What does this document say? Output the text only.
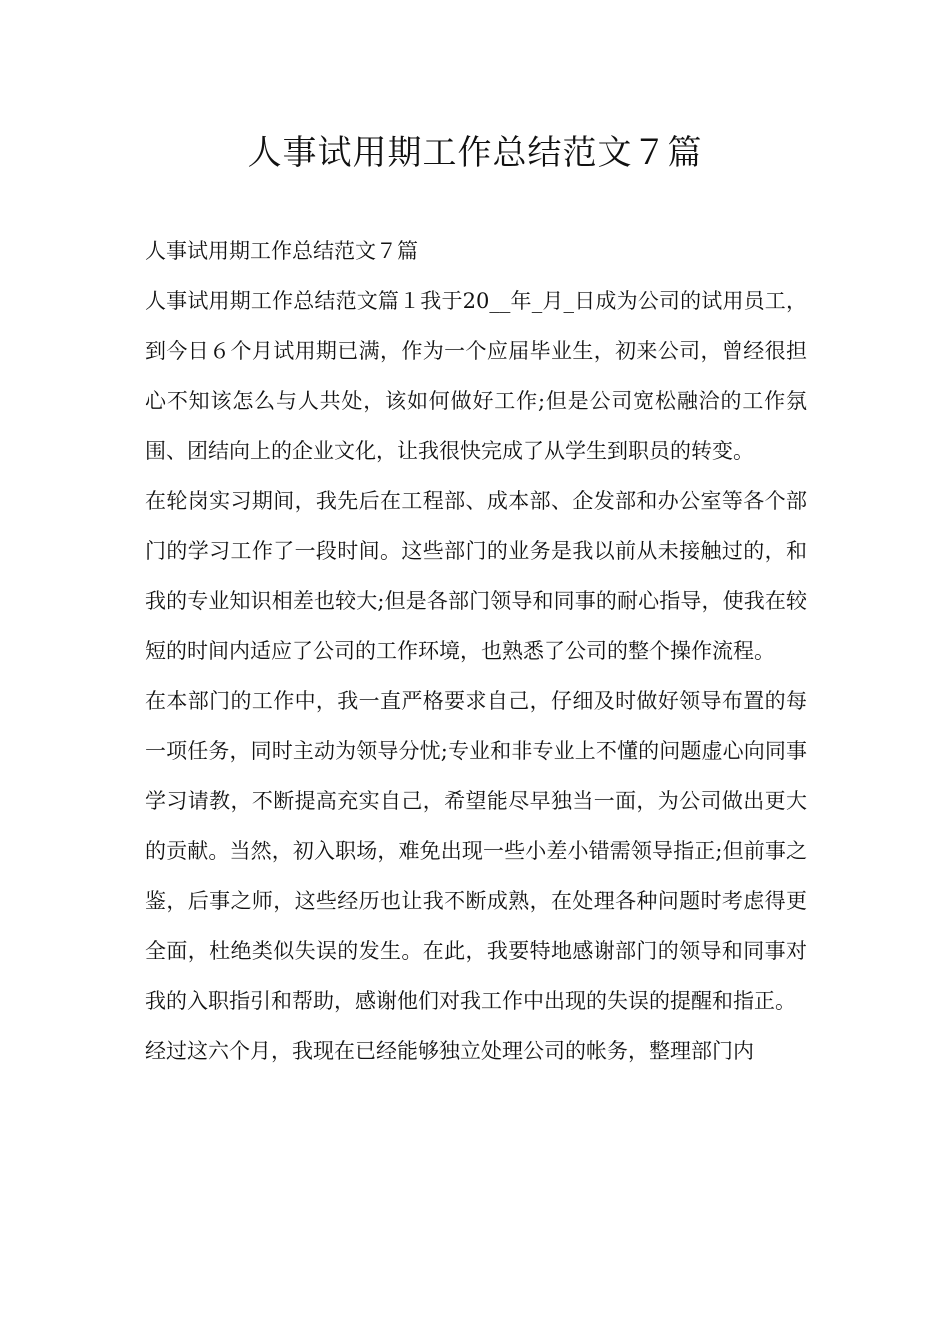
人事试用期工作总结范文７篇

人事试用期工作总结范文７篇

人事试用期工作总结范文篇１我于20__年_月_日成为公司的试用员工，到今日６个月试用期已满，作为一个应届毕业生，初来公司，曾经很担心不知该怎么与人共处，该如何做好工作;但是公司宽松融洽的工作氛围、团结向上的企业文化，让我很快完成了从学生到职员的转变。

在轮岗实习期间，我先后在工程部、成本部、企发部和办公室等各个部门的学习工作了一段时间。这些部门的业务是我以前从未接触过的，和我的专业知识相差也较大;但是各部门领导和同事的耐心指导，使我在较短的时间内适应了公司的工作环境，也熟悉了公司的整个操作流程。

在本部门的工作中，我一直严格要求自己，仔细及时做好领导布置的每一项任务，同时主动为领导分忧;专业和非专业上不懂的问题虚心向同事学习请教，不断提高充实自己，希望能尽早独当一面，为公司做出更大的贡献。当然，初入职场，难免出现一些小差小错需领导指正;但前事之鉴，后事之师，这些经历也让我不断成熟，在处理各种问题时考虑得更全面，杜绝类似失误的发生。在此，我要特地感谢部门的领导和同事对我的入职指引和帮助，感谢他们对我工作中出现的失误的提醒和指正。

经过这六个月，我现在已经能够独立处理公司的帐务，整理部门内
